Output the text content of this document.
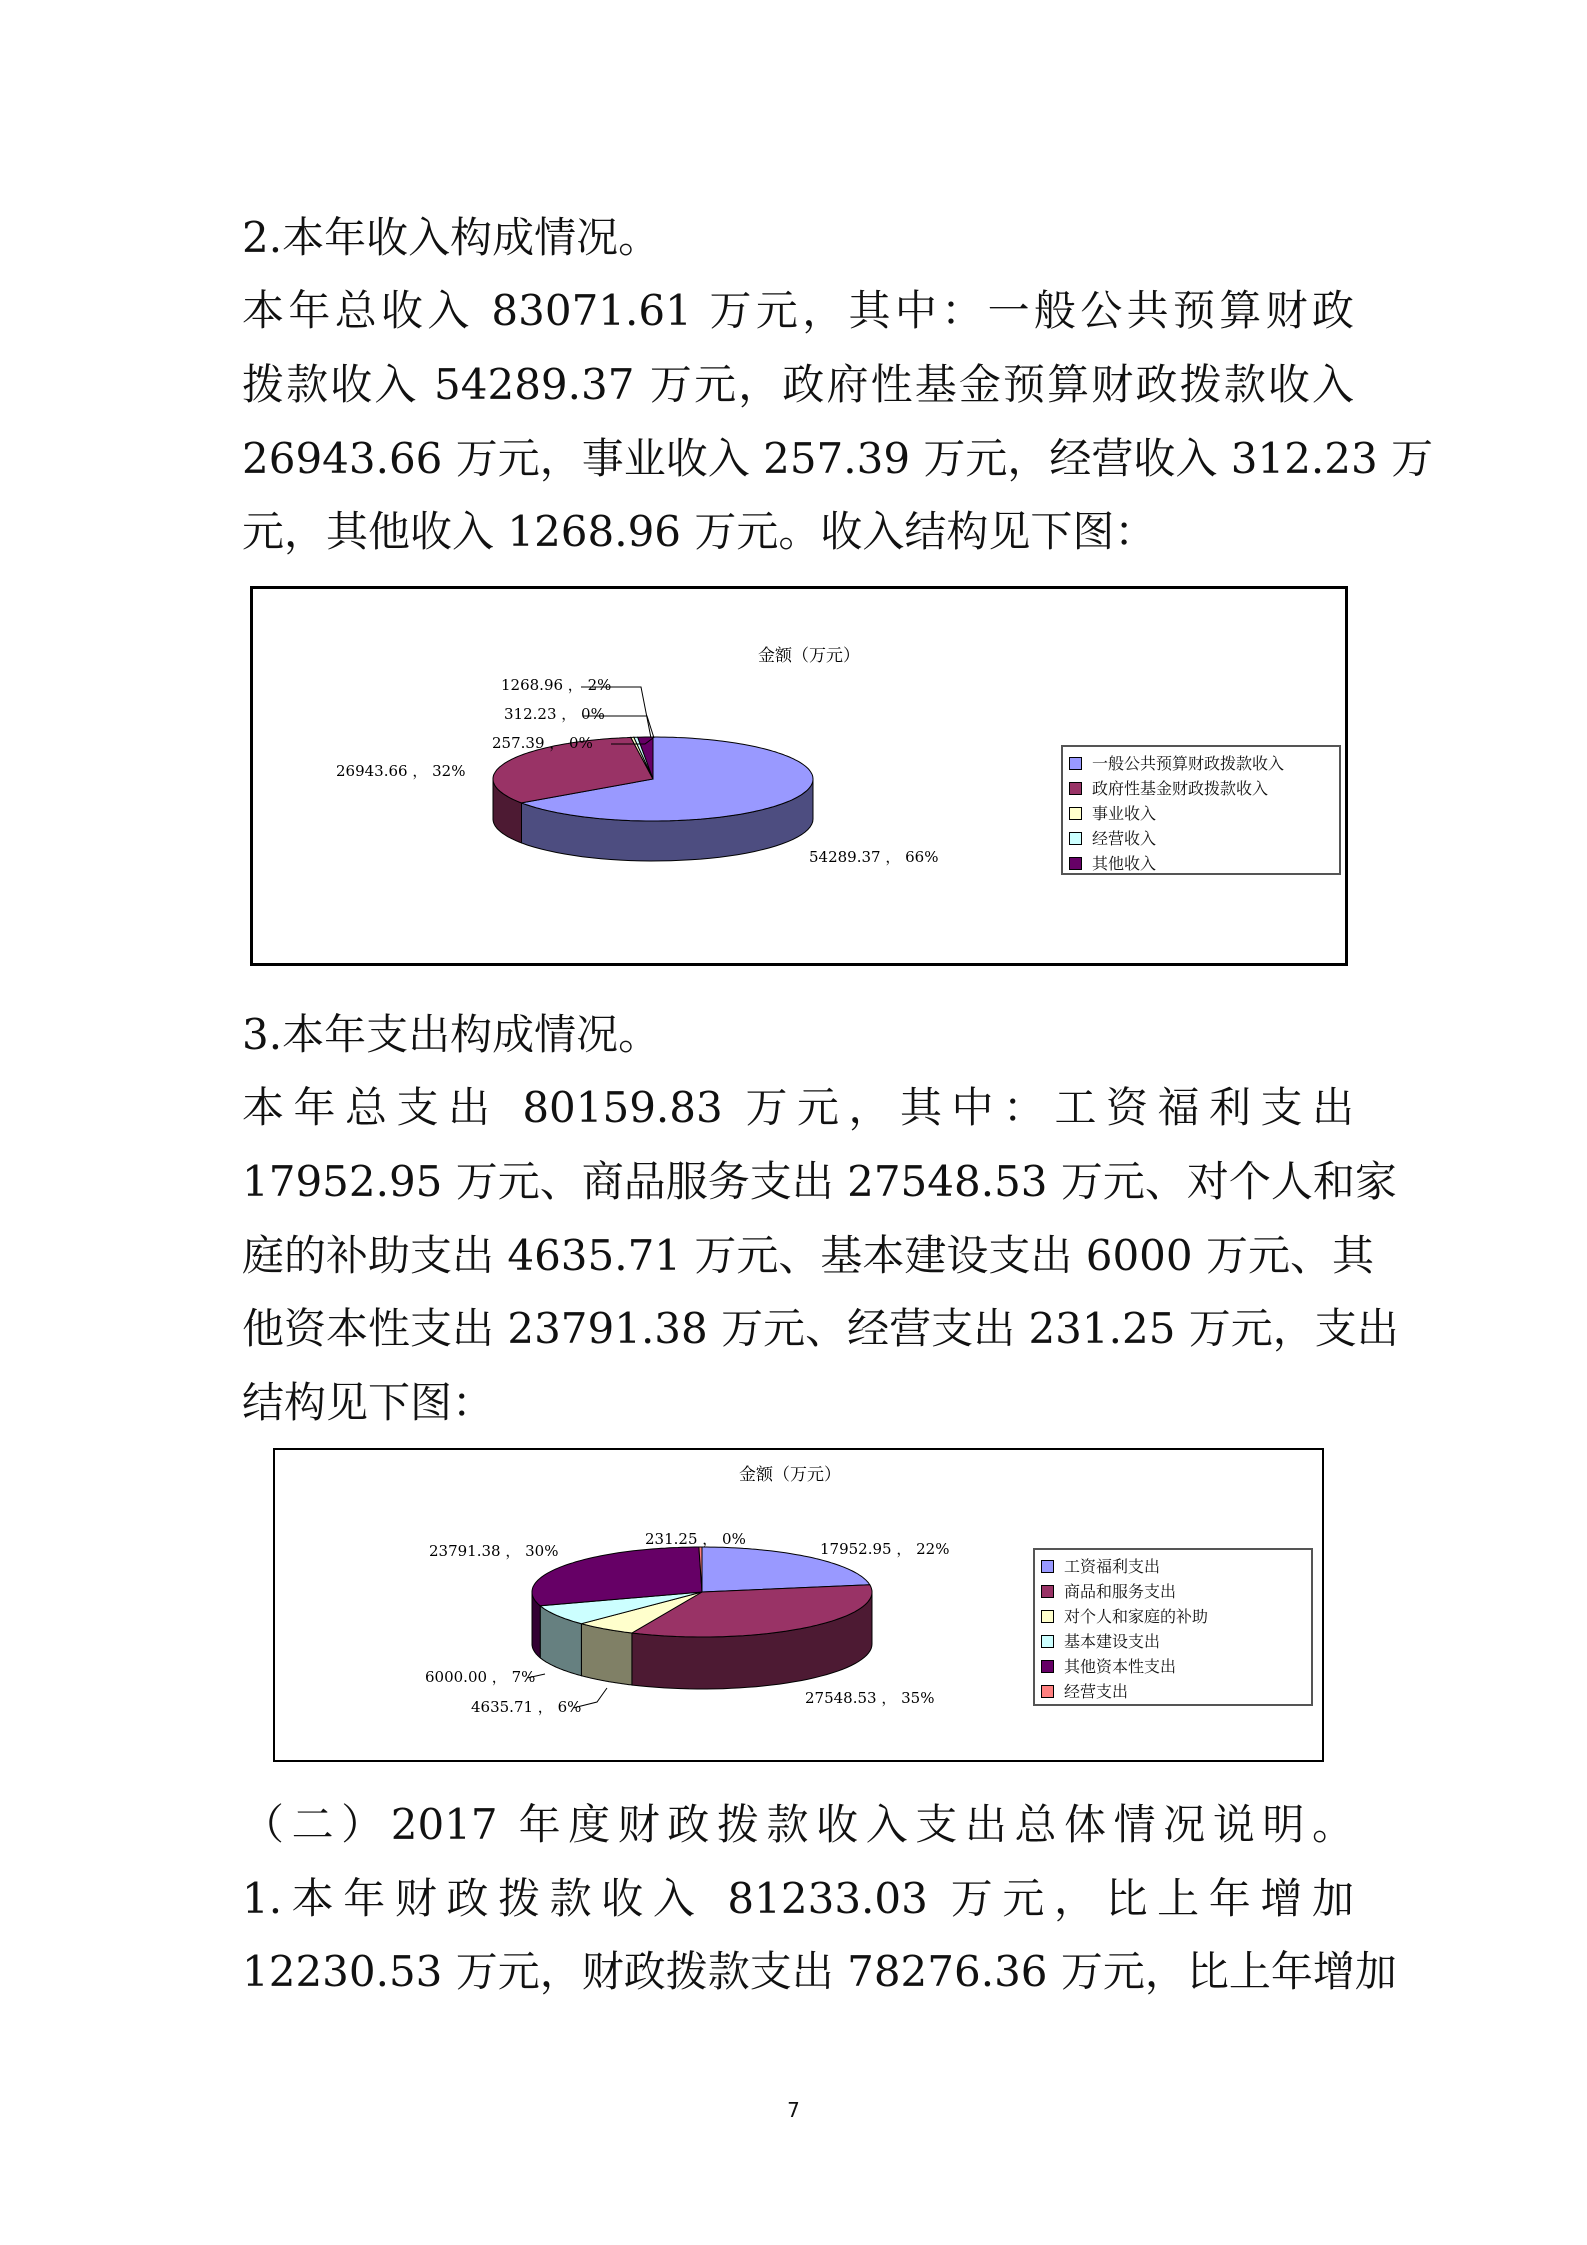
2.本年收入构成情况。
本年总收入 83071.61 万元，其中：一般公共预算财政
拨款收入 54289.37 万元，政府性基金预算财政拨款收入
26943.66 万元，事业收入 257.39 万元，经营收入 312.23 万
元，其他收入 1268.96 万元。收入结构见下图：
金额（万元）
54289.37 ， 66%
26943.66 ， 32%
257.39 ， 0%
312.23 ， 0%
1268.96 ， 2%
一般公共预算财政拨款收入
政府性基金财政拨款收入
事业收入
经营收入
其他收入
3.本年支出构成情况。
本年总支出 80159.83 万元，其中：工资福利支出
17952.95 万元、商品服务支出 27548.53 万元、对个人和家
庭的补助支出 4635.71 万元、基本建设支出 6000 万元、其
他资本性支出 23791.38 万元、经营支出 231.25 万元，支出
结构见下图：
金额（万元）
17952.95 ， 22%
27548.53 ， 35%
4635.71 ， 6%
6000.00 ， 7%
23791.38 ， 30%
231.25 ， 0%
工资福利支出
商品和服务支出
对个人和家庭的补助
基本建设支出
其他资本性支出
经营支出
（二）2017 年度财政拨款收入支出总体情况说明。
1.本年财政拨款收入 81233.03 万元，比上年增加
12230.53 万元，财政拨款支出 78276.36 万元，比上年增加
7
